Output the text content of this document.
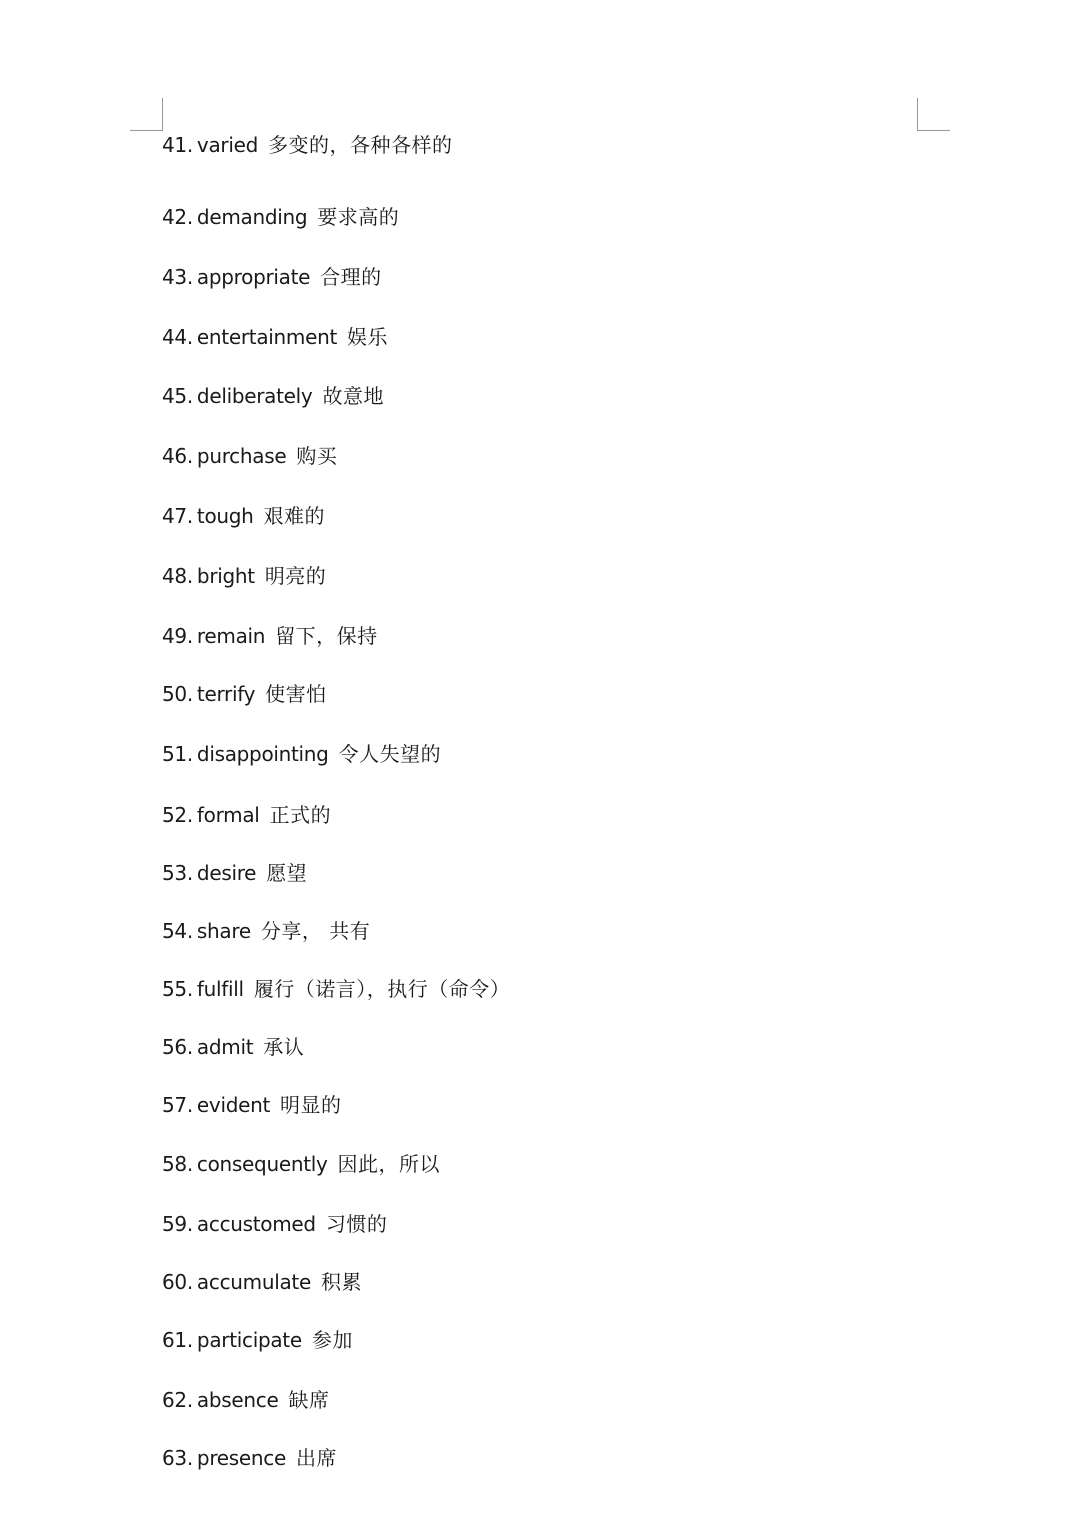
41. varied 多变的，各种各样的
42. demanding 要求高的
43. appropriate 合理的
44. entertainment 娱乐
45. deliberately 故意地
46. purchase 购买
47. tough 艰难的
48. bright 明亮的
49. remain 留下，保持
50. terrify 使害怕
51. disappointing 令人失望的
52. formal 正式的
53. desire 愿望
54. share 分享， 共有
55. fulfill 履行（诺言），执行（命令）
56. admit 承认
57. evident 明显的
58. consequently 因此，所以
59. accustomed 习惯的
60. accumulate 积累
61. participate 参加
62. absence 缺席
63. presence 出席
